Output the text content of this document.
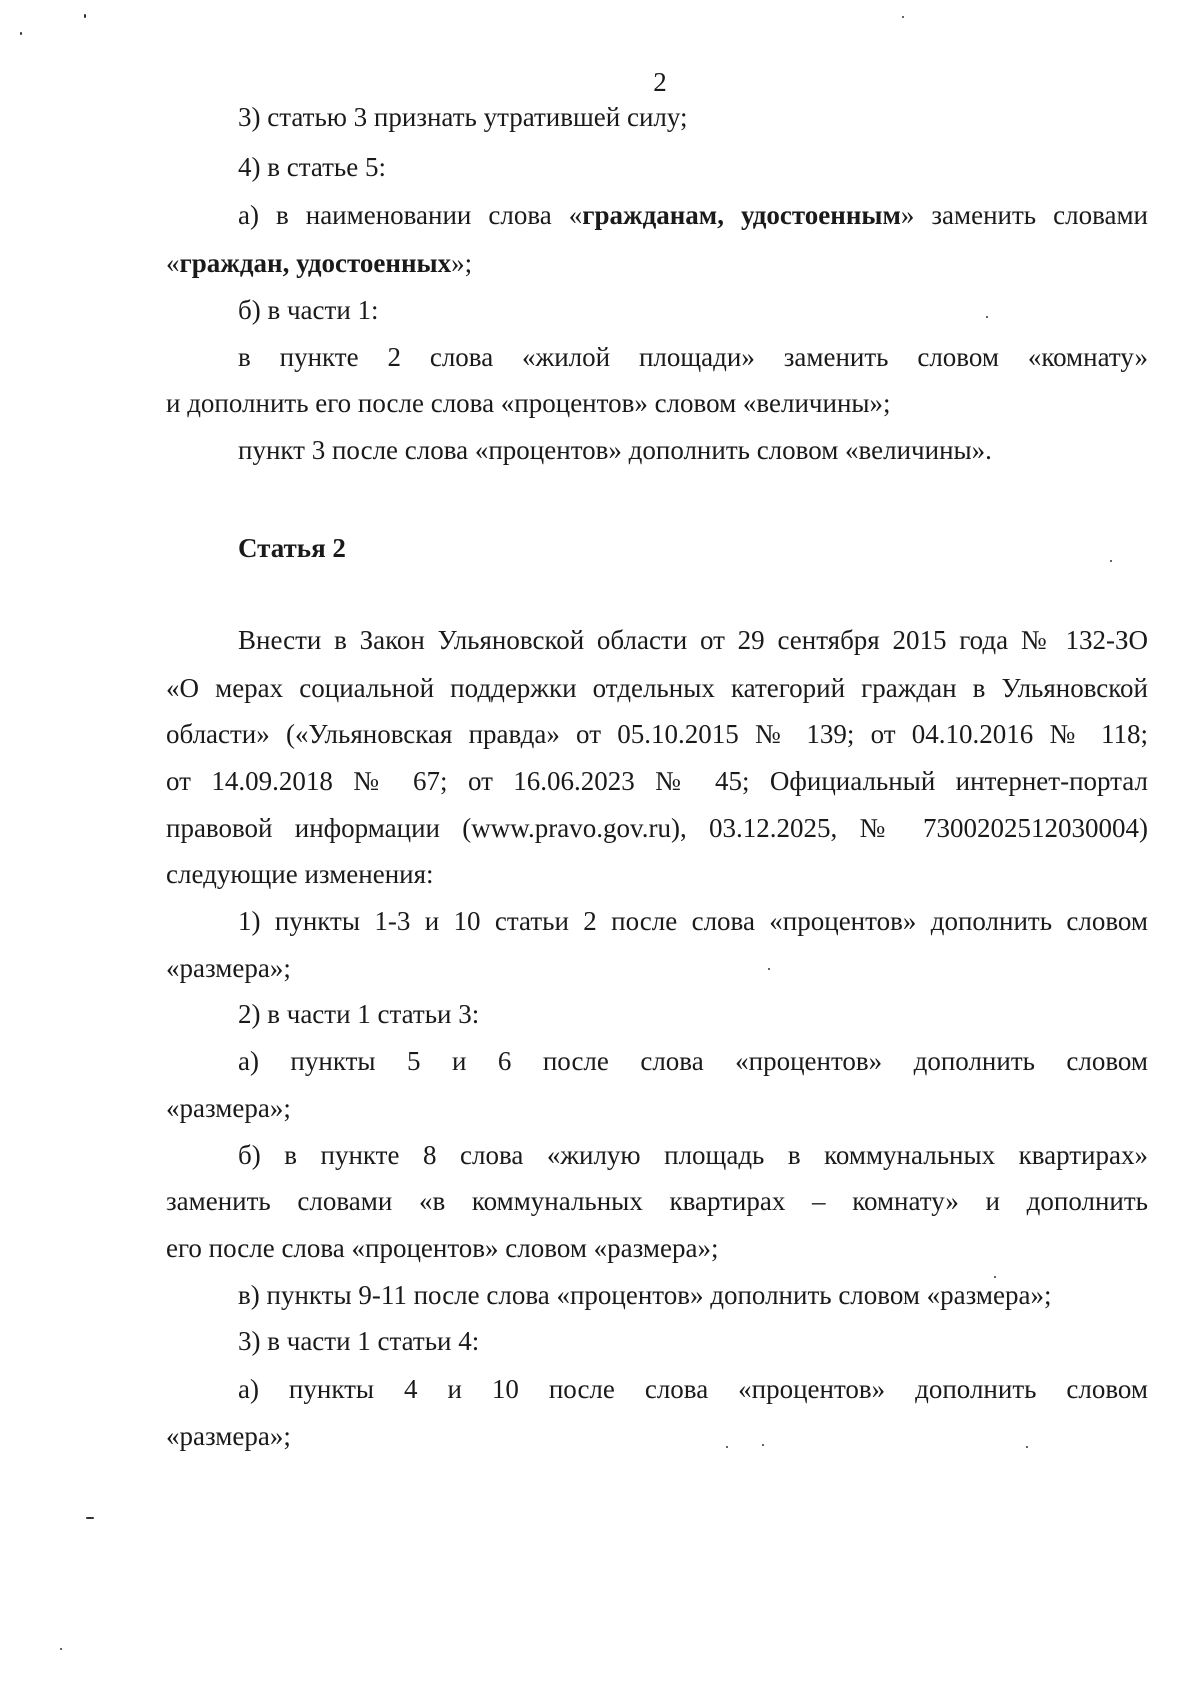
2
3) статью 3 признать утратившей силу;
4) в статье 5:
а) в наименовании слова «гражданам, удостоенным» заменить словами
«граждан, удостоенных»;
б) в части 1:
в пункте 2 слова «жилой площади» заменить словом «комнату»
и дополнить его после слова «процентов» словом «величины»;
пункт 3 после слова «процентов» дополнить словом «величины».
Статья 2
Внести в Закон Ульяновской области от 29 сентября 2015 года № 132-ЗО
«О мерах социальной поддержки отдельных категорий граждан в Ульяновской
области» («Ульяновская правда» от 05.10.2015 № 139; от 04.10.2016 № 118;
от 14.09.2018 № 67; от 16.06.2023 № 45; Официальный интернет-портал
правовой информации (www.pravo.gov.ru), 03.12.2025, № 7300202512030004)
следующие изменения:
1) пункты 1-3 и 10 статьи 2 после слова «процентов» дополнить словом
«размера»;
2) в части 1 статьи 3:
а) пункты 5 и 6 после слова «процентов» дополнить словом
«размера»;
б) в пункте 8 слова «жилую площадь в коммунальных квартирах»
заменить словами «в коммунальных квартирах – комнату» и дополнить
его после слова «процентов» словом «размера»;
в) пункты 9-11 после слова «процентов» дополнить словом «размера»;
3) в части 1 статьи 4:
а) пункты 4 и 10 после слова «процентов» дополнить словом
«размера»;
